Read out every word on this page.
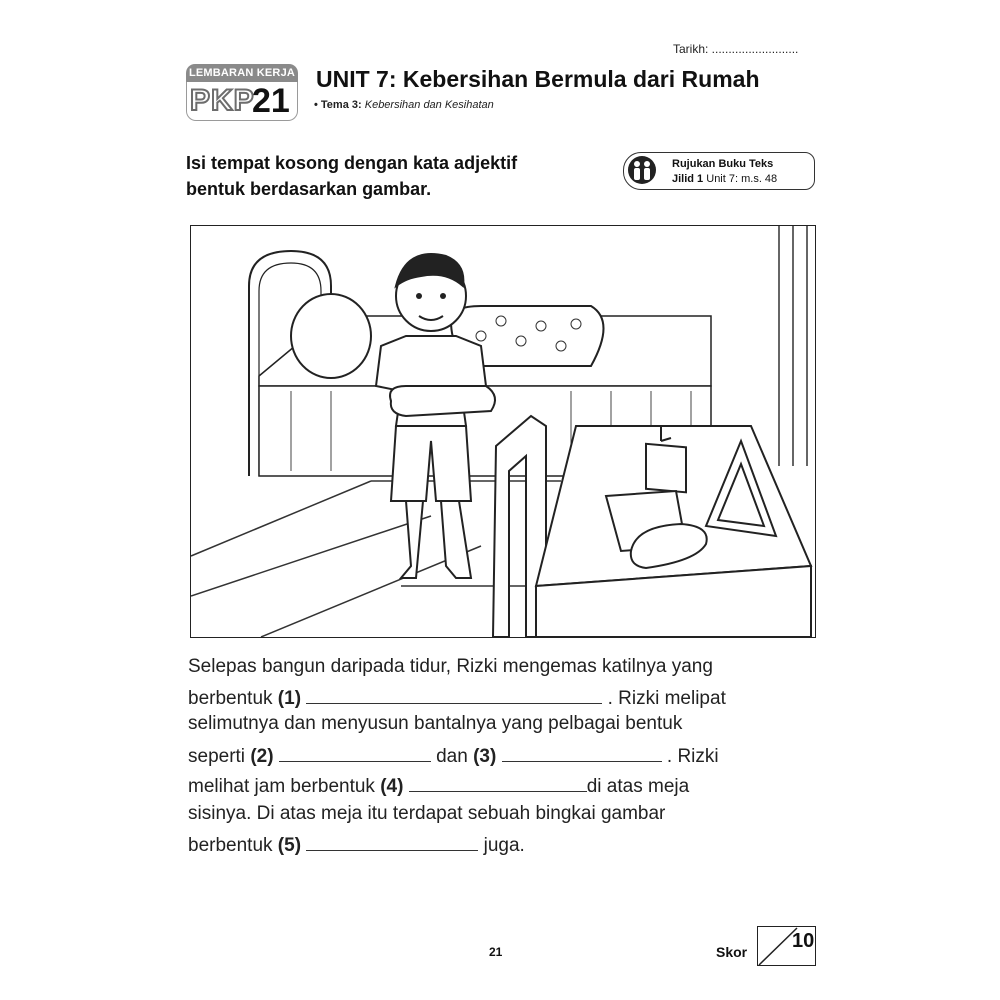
Tarikh: ..........................
LEMBARAN KERJA
PKP
21
UNIT 7: Kebersihan Bermula dari Rumah
• Tema 3: Kebersihan dan Kesihatan
Isi tempat kosong dengan kata adjektif
bentuk berdasarkan gambar.
Rujukan Buku Teks
Jilid 1 Unit 7: m.s. 48
Selepas bangun daripada tidur, Rizki mengemas katilnya yang
berbentuk (1)	. Rizki melipat
selimutnya dan menyusun bantalnya yang pelbagai bentuk
seperti (2)	dan (3)	. Rizki
melihat jam berbentuk (4)	di atas meja
sisinya. Di atas meja itu terdapat sebuah bingkai gambar
berbentuk (5)	juga.
21	Skor 10
